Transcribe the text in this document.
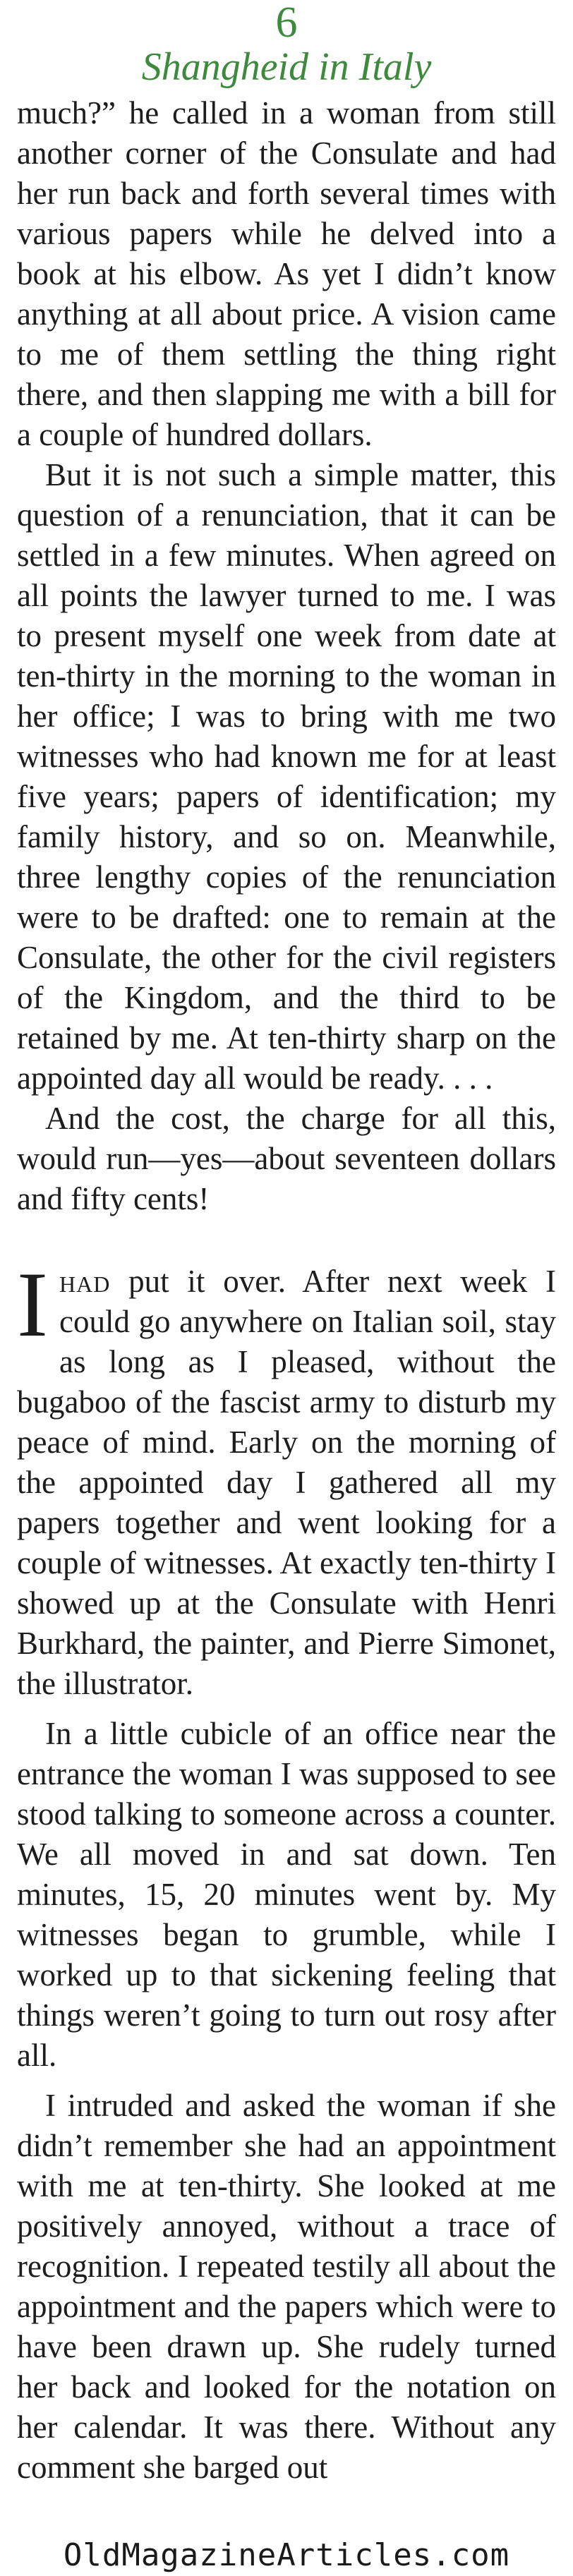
6
Shangheid in Italy

much?” he called in a woman from still another corner of the Consulate and had her run back and forth several times with various papers while he delved into a book at his elbow. As yet I didn’t know anything at all about price. A vision came to me of them settling the thing right there, and then slapping me with a bill for a couple of hundred dollars.

But it is not such a simple matter, this question of a renunciation, that it can be settled in a few minutes. When agreed on all points the lawyer turned to me. I was to present myself one week from date at ten-thirty in the morning to the woman in her office; I was to bring with me two witnesses who had known me for at least five years; papers of identification; my family history, and so on. Meanwhile, three lengthy copies of the renunciation were to be drafted: one to remain at the Consulate, the other for the civil registers of the Kingdom, and the third to be retained by me. At ten-thirty sharp on the appointed day all would be ready. . . .

And the cost, the charge for all this, would run—yes—about seventeen dollars and fifty cents!

Ihad put it over. After next week I could go anywhere on Italian soil, stay as long as I pleased, without the bugaboo of the fascist army to disturb my peace of mind. Early on the morning of the appointed day I gathered all my papers together and went looking for a couple of witnesses. At exactly ten-thirty I showed up at the Consulate with Henri Burkhard, the painter, and Pierre Simonet, the illustrator.

In a little cubicle of an office near the entrance the woman I was supposed to see stood talking to someone across a counter. We all moved in and sat down. Ten minutes, 15, 20 minutes went by. My witnesses began to grumble, while I worked up to that sickening feeling that things weren’t going to turn out rosy after all.

I intruded and asked the woman if she didn’t remember she had an appointment with me at ten-thirty. She looked at me positively annoyed, without a trace of recognition. I repeated testily all about the appointment and the papers which were to have been drawn up. She rudely turned her back and looked for the notation on her calendar. It was there. Without any comment she barged out

OldMagazineArticles.com
